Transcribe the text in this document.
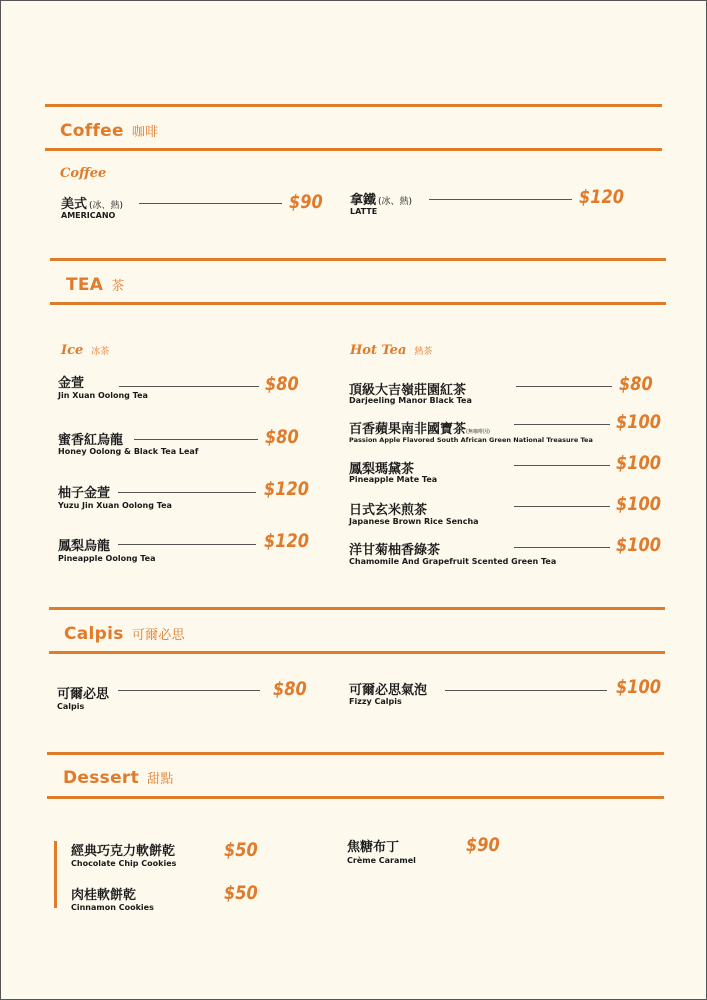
Coffee 咖啡
Coffee
美式 (冰、熱)
AMERICANO
$90 拿鐵 (冰、熱)
LATTE
$120
TEA 茶
Ice 冰茶
金萱
Jin Xuan Oolong Tea
$80
蜜香紅烏龍
Honey Oolong & Black Tea Leaf
$80
柚子金萱
Yuzu Jin Xuan Oolong Tea
$120
鳳梨烏龍
Pineapple Oolong Tea
$120
Hot Tea 熱茶
頂級大吉嶺莊園紅茶
Darjeeling Manor Black Tea
$80
百香蘋果南非國寶茶(無咖啡因)
Passion Apple Flavored South African Green National Treasure Tea
$100
鳳梨瑪黛茶
Pineapple Mate Tea
$100
日式玄米煎茶
Japanese Brown Rice Sencha
$100
洋甘菊柚香綠茶
Chamomile And Grapefruit Scented Green Tea
$100
Calpis 可爾必思
可爾必思
Calpis
$80	可爾必思氣泡
Fizzy Calpis
$100
Dessert 甜點
經典巧克力軟餅乾
Chocolate Chip Cookies
$50
肉桂軟餅乾
Cinnamon Cookies
$50
焦糖布丁
Crème Caramel
$90
